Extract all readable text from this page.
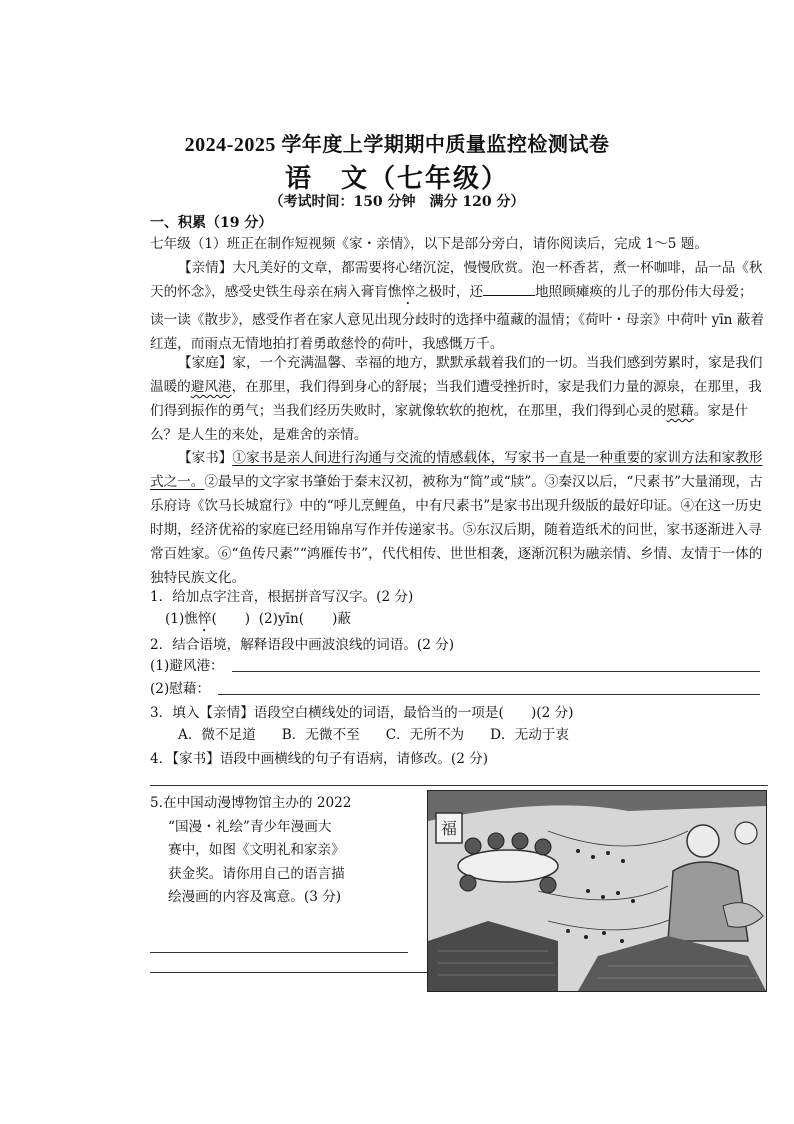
2024-2025 学年度上学期期中质量监控检测试卷
语　文（七年级）
（考试时间：150 分钟　满分 120 分）
一、积累（19 分）

七年级（1）班正在制作短视频《家・亲情》，以下是部分旁白，请你阅读后，完成 1～5 题。

【亲情】大凡美好的文章，都需要将心绪沉淀，慢慢欣赏。泡一杯香茗，煮一杯咖啡，品一品《秋天的怀念》，感受史铁生母亲在病入膏肓憔悴之极时，还	地照顾瘫痪的儿子的那份伟大母爱；读一读《散步》，感受作者在家人意见出现分歧时的选择中蕴藏的温情；《荷叶・母亲》中荷叶 yīn 蔽着红莲，而雨点无情地拍打着勇敢慈怜的荷叶，我感慨万千。

【家庭】家，一个充满温馨、幸福的地方，默默承载着我们的一切。当我们感到劳累时，家是我们温暖的避风港，在那里，我们得到身心的舒展；当我们遭受挫折时，家是我们力量的源泉，在那里，我们得到振作的勇气；当我们经历失败时，家就像软软的抱枕，在那里，我们得到心灵的慰藉。家是什么？是人生的来处，是难舍的亲情。

【家书】①家书是亲人间进行沟通与交流的情感载体，写家书一直是一种重要的家训方法和家教形式之一。②最早的文字家书肇始于秦末汉初，被称为“简”或“牍”。③秦汉以后，“尺素书”大量涌现，古乐府诗《饮马长城窟行》中的“呼儿烹鲤鱼，中有尺素书”是家书出现升级版的最好印证。④在这一历史时期，经济优裕的家庭已经用锦帛写作并传递家书。⑤东汉后期，随着造纸术的问世，家书逐渐进入寻常百姓家。⑥“鱼传尺素”“鸿雁传书”，代代相传、世世相袭，逐渐沉积为融亲情、乡情、友情于一体的独特民族文化。

1．给加点字注音，根据拼音写汉字。(2 分)

(1)憔悴( ) (2)yīn( )蔽

2．结合语境，解释语段中画波浪线的词语。(2 分)

(1)避风港：
(2)慰藉：

3．填入【亲情】语段空白横线处的词语，最恰当的一项是(　　)(2 分)

A．微不足道 B．无微不至 C．无所不为 D．无动于衷

4．【家书】语段中画横线的句子有语病，请修改。(2 分)

5.在中国动漫博物馆主办的 2022
“国漫・礼绘”青少年漫画大
赛中，如图《文明礼和家亲》
获金奖。请你用自己的语言描
绘漫画的内容及寓意。(3 分)
福
